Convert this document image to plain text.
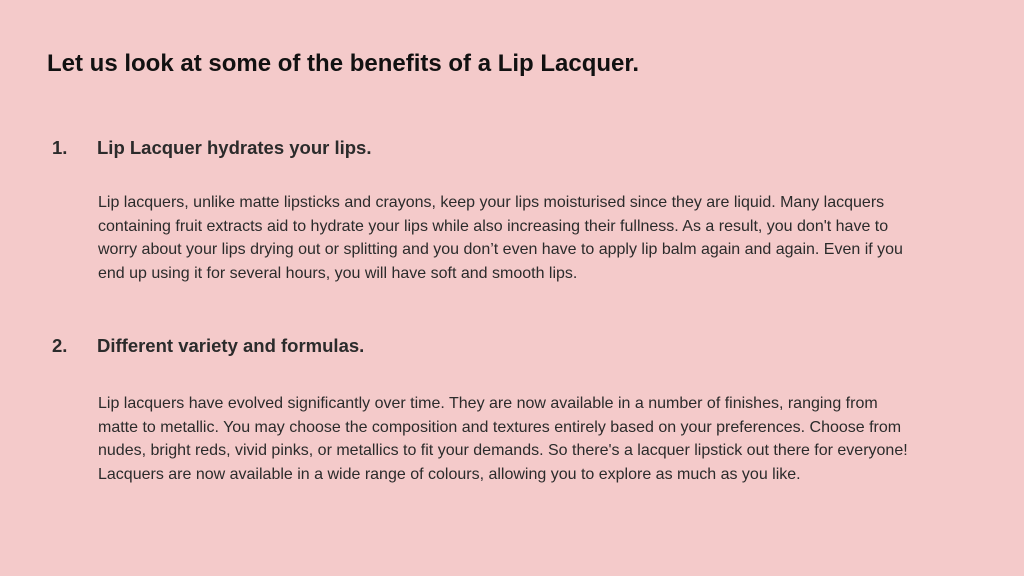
Let us look at some of the benefits of a Lip Lacquer.
1. Lip Lacquer hydrates your lips.

Lip lacquers, unlike matte lipsticks and crayons, keep your lips moisturised since they are liquid. Many lacquers
containing fruit extracts aid to hydrate your lips while also increasing their fullness. As a result, you don't have to
worry about your lips drying out or splitting and you don’t even have to apply lip balm again and again. Even if you
end up using it for several hours, you will have soft and smooth lips.

2. Different variety and formulas.

Lip lacquers have evolved significantly over time. They are now available in a number of finishes, ranging from
matte to metallic. You may choose the composition and textures entirely based on your preferences. Choose from
nudes, bright reds, vivid pinks, or metallics to fit your demands. So there's a lacquer lipstick out there for everyone!
Lacquers are now available in a wide range of colours, allowing you to explore as much as you like.
